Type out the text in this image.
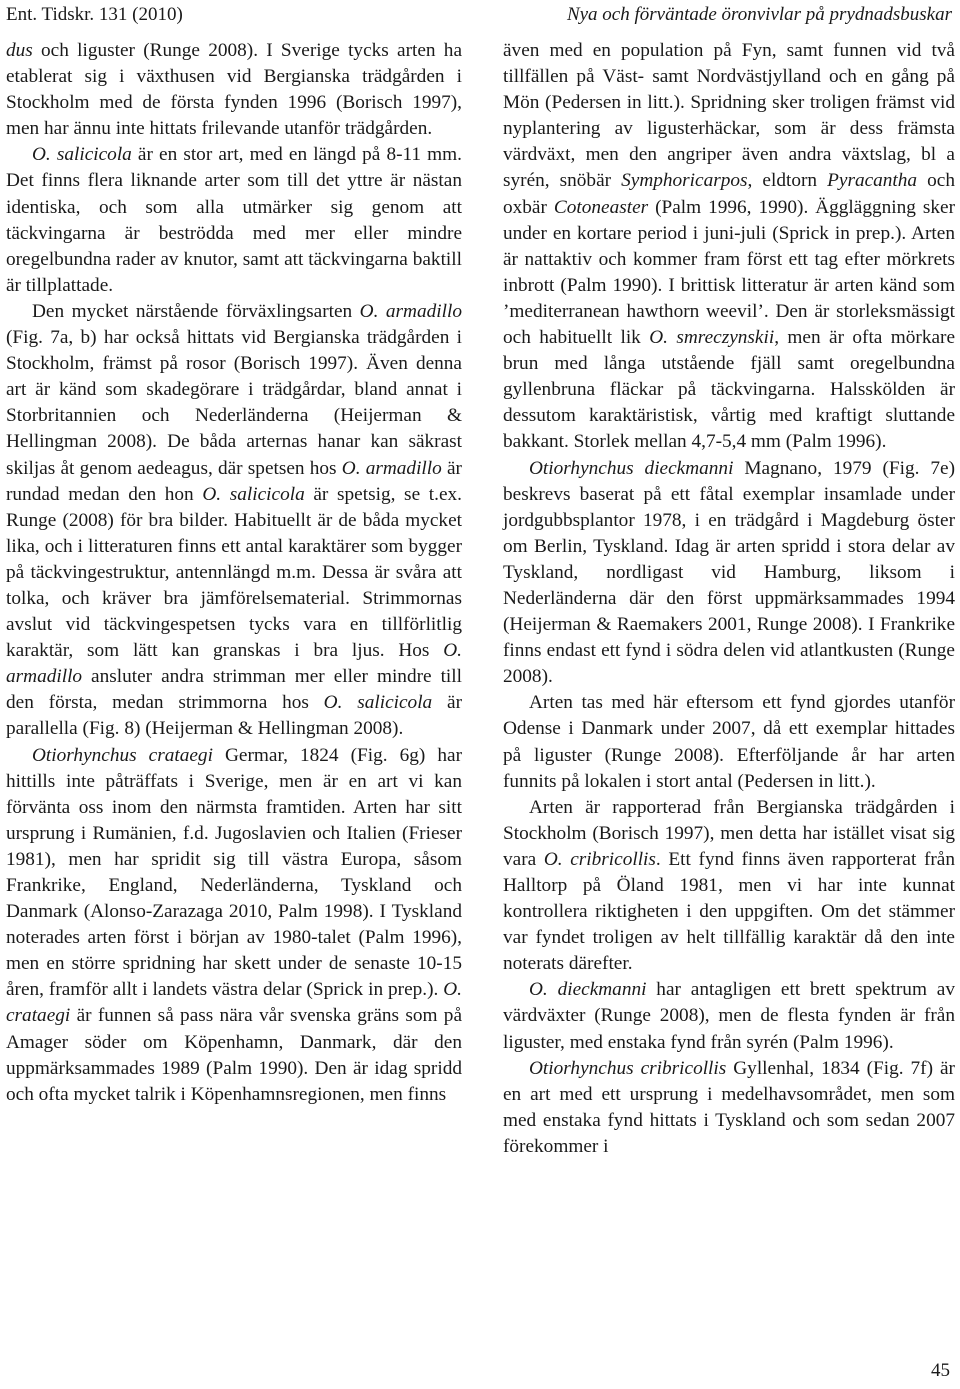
Ent. Tidskr. 131 (2010)	Nya och förväntade öronvivlar på prydnadsbuskar

dus och liguster (Runge 2008). I Sverige tycks arten ha etablerat sig i växthusen vid Bergianska trädgården i Stockholm med de första fynden 1996 (Borisch 1997), men har ännu inte hittats frilevande utanför trädgården.

O. salicicola är en stor art, med en längd på 8-11 mm. Det finns flera liknande arter som till det yttre är nästan identiska, och som alla utmärker sig genom att täckvingarna är beströdda med mer eller mindre oregelbundna rader av knutor, samt att täckvingarna baktill är tillplattade.

Den mycket närstående förväxlingsarten O. armadillo (Fig. 7a, b) har också hittats vid Bergianska trädgården i Stockholm, främst på rosor (Borisch 1997). Även denna art är känd som skadegörare i trädgårdar, bland annat i Storbritannien och Nederländerna (Heijerman & Hellingman 2008). De båda arternas hanar kan säkrast skiljas åt genom aedeagus, där spetsen hos O. armadillo är rundad medan den hon O. salicicola är spetsig, se t.ex. Runge (2008) för bra bilder. Habituellt är de båda mycket lika, och i litteraturen finns ett antal karaktärer som bygger på täckvingestruktur, antennlängd m.m. Dessa är svåra att tolka, och kräver bra jämförelsematerial. Strimmornas avslut vid täckvingespetsen tycks vara en tillförlitlig karaktär, som lätt kan granskas i bra ljus. Hos O. armadillo ansluter andra strimman mer eller mindre till den första, medan strimmorna hos O. salicicola är parallella (Fig. 8) (Heijerman & Hellingman 2008).

Otiorhynchus crataegi Germar, 1824 (Fig. 6g) har hittills inte påträffats i Sverige, men är en art vi kan förvänta oss inom den närmsta framtiden. Arten har sitt ursprung i Rumänien, f.d. Jugoslavien och Italien (Frieser 1981), men har spridit sig till västra Europa, såsom Frankrike, England, Nederländerna, Tyskland och Danmark (Alonso-Zarazaga 2010, Palm 1998). I Tyskland noterades arten först i början av 1980-talet (Palm 1996), men en större spridning har skett under de senaste 10-15 åren, framför allt i landets västra delar (Sprick in prep.). O. crataegi är funnen så pass nära vår svenska gräns som på Amager söder om Köpenhamn, Danmark, där den uppmärksammades 1989 (Palm 1990). Den är idag spridd och ofta mycket talrik i Köpenhamnsregionen, men finns

även med en population på Fyn, samt funnen vid två tillfällen på Väst- samt Nordvästjylland och en gång på Mön (Pedersen in litt.). Spridning sker troligen främst vid nyplantering av ligusterhäckar, som är dess främsta värdväxt, men den angriper även andra växtslag, bl a syrén, snöbär Symphoricarpos, eldtorn Pyracantha och oxbär Cotoneaster (Palm 1996, 1990). Äggläggning sker under en kortare period i juni-juli (Sprick in prep.). Arten är nattaktiv och kommer fram först ett tag efter mörkrets inbrott (Palm 1990). I brittisk litteratur är arten känd som ’mediterranean hawthorn weevil’. Den är storleksmässigt och habituellt lik O. smreczynskii, men är ofta mörkare brun med långa utstående fjäll samt oregelbundna gyllenbruna fläckar på täckvingarna. Halsskölden är dessutom karaktäristisk, vårtig med kraftigt sluttande bakkant. Storlek mellan 4,7-5,4 mm (Palm 1996).

Otiorhynchus dieckmanni Magnano, 1979 (Fig. 7e) beskrevs baserat på ett fåtal exemplar insamlade under jordgubbsplantor 1978, i en trädgård i Magdeburg öster om Berlin, Tyskland. Idag är arten spridd i stora delar av Tyskland, nordligast vid Hamburg, liksom i Nederländerna där den först uppmärksammades 1994 (Heijerman & Raemakers 2001, Runge 2008). I Frankrike finns endast ett fynd i södra delen vid atlantkusten (Runge 2008).

Arten tas med här eftersom ett fynd gjordes utanför Odense i Danmark under 2007, då ett exemplar hittades på liguster (Runge 2008). Efterföljande år har arten funnits på lokalen i stort antal (Pedersen in litt.).

Arten är rapporterad från Bergianska trädgården i Stockholm (Borisch 1997), men detta har istället visat sig vara O. cribricollis. Ett fynd finns även rapporterat från Halltorp på Öland 1981, men vi har inte kunnat kontrollera riktigheten i den uppgiften. Om det stämmer var fyndet troligen av helt tillfällig karaktär då den inte noterats därefter.

O. dieckmanni har antagligen ett brett spektrum av värdväxter (Runge 2008), men de flesta fynden är från liguster, med enstaka fynd från syrén (Palm 1996).

Otiorhynchus cribricollis Gyllenhal, 1834 (Fig. 7f) är en art med ett ursprung i medelhavsområdet, men som med enstaka fynd hittats i Tyskland och som sedan 2007 förekommer i

45
